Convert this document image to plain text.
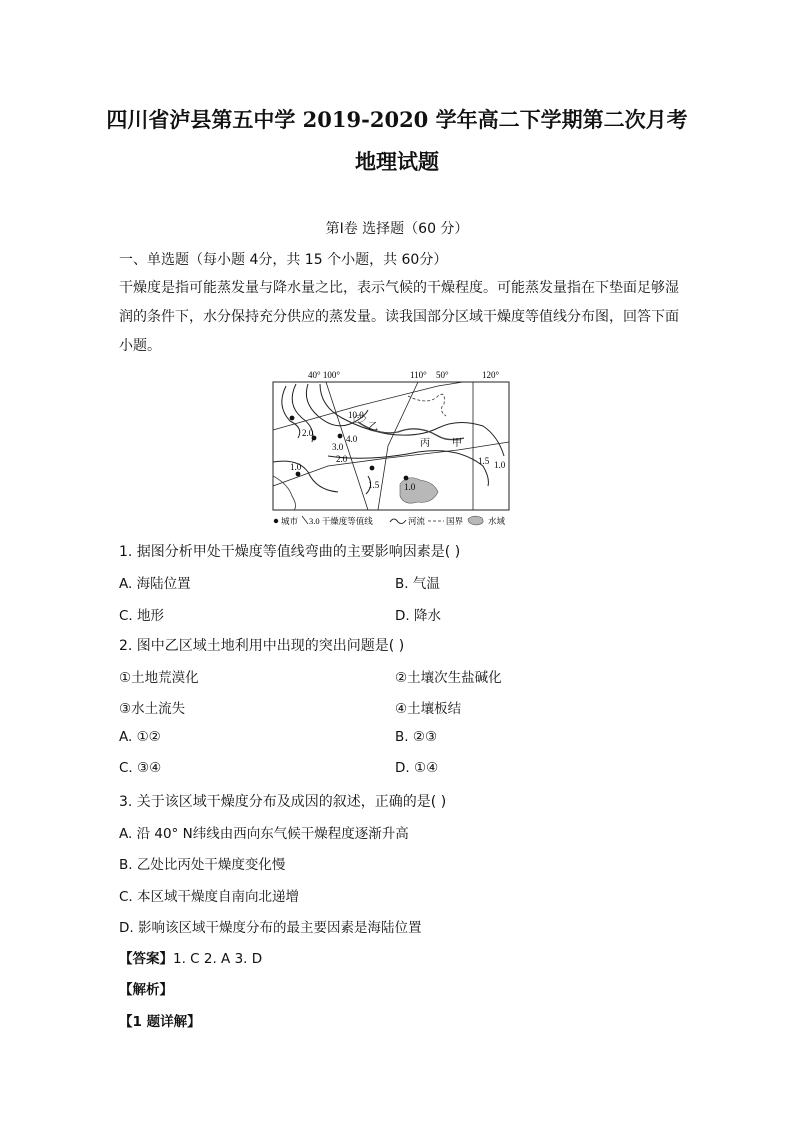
四川省泸县第五中学 2019-2020 学年高二下学期第二次月考
地理试题
第Ⅰ卷 选择题（60 分）
一、单选题（每小题 4分，共 15 个小题，共 60分）
干燥度是指可能蒸发量与降水量之比，表示气候的干燥程度。可能蒸发量指在下垫面足够湿润的条件下，水分保持充分供应的蒸发量。读我国部分区域干燥度等值线分布图，回答下面小题。
40° 100°	110° 50°	120°
10.0
4.0
3.0
2.0
2.0
1.0
1.5	1.0
1.5 1.0
丙 甲
乙
城市 3.0 干燥度等值线	河流 国界	水域
1. 据图分析甲处干燥度等值线弯曲的主要影响因素是( )
A. 海陆位置	B. 气温
C. 地形	D. 降水
2. 图中乙区域土地利用中出现的突出问题是( )
①土地荒漠化	②土壤次生盐碱化
③水土流失	④土壤板结
A. ①②	B. ②③
C. ③④	D. ①④
3. 关于该区域干燥度分布及成因的叙述，正确的是( )
A. 沿 40° N纬线由西向东气候干燥程度逐渐升高
B. 乙处比丙处干燥度变化慢
C. 本区域干燥度自南向北递增
D. 影响该区域干燥度分布的最主要因素是海陆位置
【答案】1. C 2. A 3. D
【解析】
【1 题详解】
